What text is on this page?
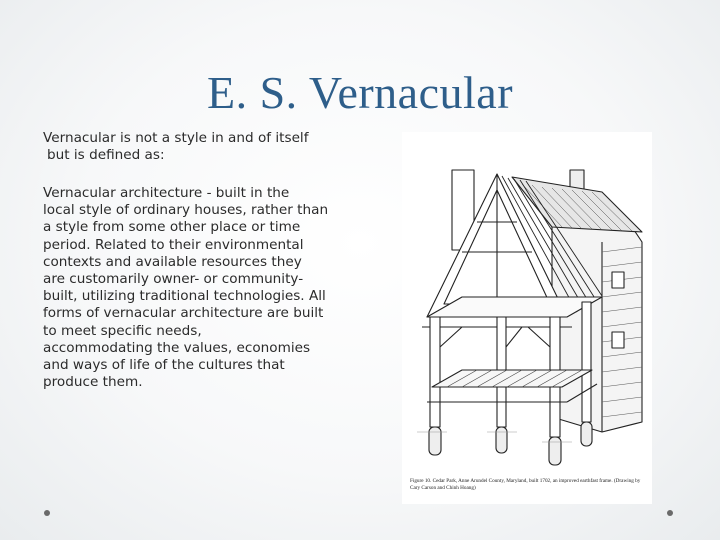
E. S. Vernacular
Vernacular is not a style in and of itself
but is defined as:
Vernacular architecture - built in the
local style of ordinary houses, rather than
a style from some other place or time
period. Related to their environmental
contexts and available resources they
are customarily owner- or community-
built, utilizing traditional technologies. All
forms of vernacular architecture are built
to meet specific needs,
accommodating the values, economies
and ways of life of the cultures that
produce them.
Figure 10. Cedar Park, Anne Arundel County, Maryland, built 1702, an improved earthfast frame. (Drawing by Cary Carson and Chinh Hoang)
